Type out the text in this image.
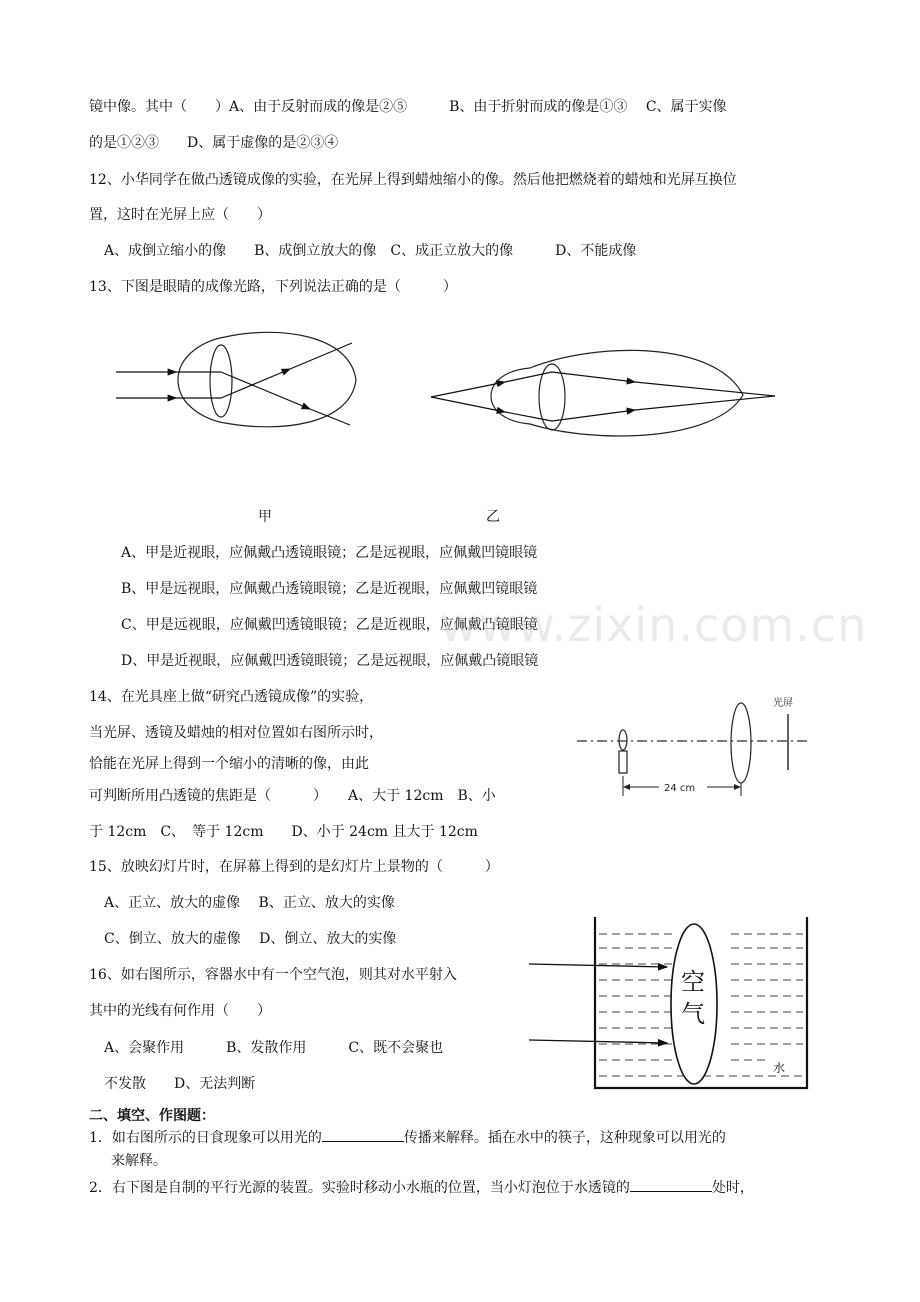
镜中像。其中（　　）A、由于反射而成的像是②⑤　　　B、由于折射而成的像是①③　 C、属于实像
的是①②③　　D、属于虚像的是②③④
12、小华同学在做凸透镜成像的实验，在光屏上得到蜡烛缩小的像。然后他把燃烧着的蜡烛和光屏互换位
置，这时在光屏上应（　　）
A、成倒立缩小的像　　B、成倒立放大的像　C、成正立放大的像　　　D、不能成像
13、下图是眼睛的成像光路，下列说法正确的是（　　　）
甲	乙
A、甲是近视眼，应佩戴凸透镜眼镜；乙是远视眼，应佩戴凹镜眼镜
B、甲是远视眼，应佩戴凸透镜眼镜；乙是近视眼，应佩戴凹镜眼镜
C、甲是远视眼，应佩戴凹透镜眼镜；乙是近视眼，应佩戴凸镜眼镜
D、甲是近视眼，应佩戴凹透镜眼镜；乙是远视眼，应佩戴凸镜眼镜
www.zixin.com.cn
14、在光具座上做“研究凸透镜成像”的实验，
当光屏、透镜及蜡烛的相对位置如右图所示时，
恰能在光屏上得到一个缩小的清晰的像，由此
可判断所用凸透镜的焦距是（　　　）　　A、大于 12cm　B、小
于 12cm　C、　等于 12cm　　D、小于 24cm 且大于 12cm
光屏
24 cm
15、放映幻灯片时，在屏幕上得到的是幻灯片上景物的（　　　）
A、正立、放大的虚像　 B、正立、放大的实像
C、倒立、放大的虚像　 D、倒立、放大的实像
16、如右图所示，容器水中有一个空气泡，则其对水平射入
其中的光线有何作用（　　）
A、会聚作用　　　B、发散作用　　　C、既不会聚也
不发散　　D、无法判断
空
气
水
二、填空、作图题：
1．如右图所示的日食现象可以用光的	传播来解释。插在水中的筷子，这种现象可以用光的
来解释。
2．右下图是自制的平行光源的装置。实验时移动小水瓶的位置，当小灯泡位于水透镜的	处时，
